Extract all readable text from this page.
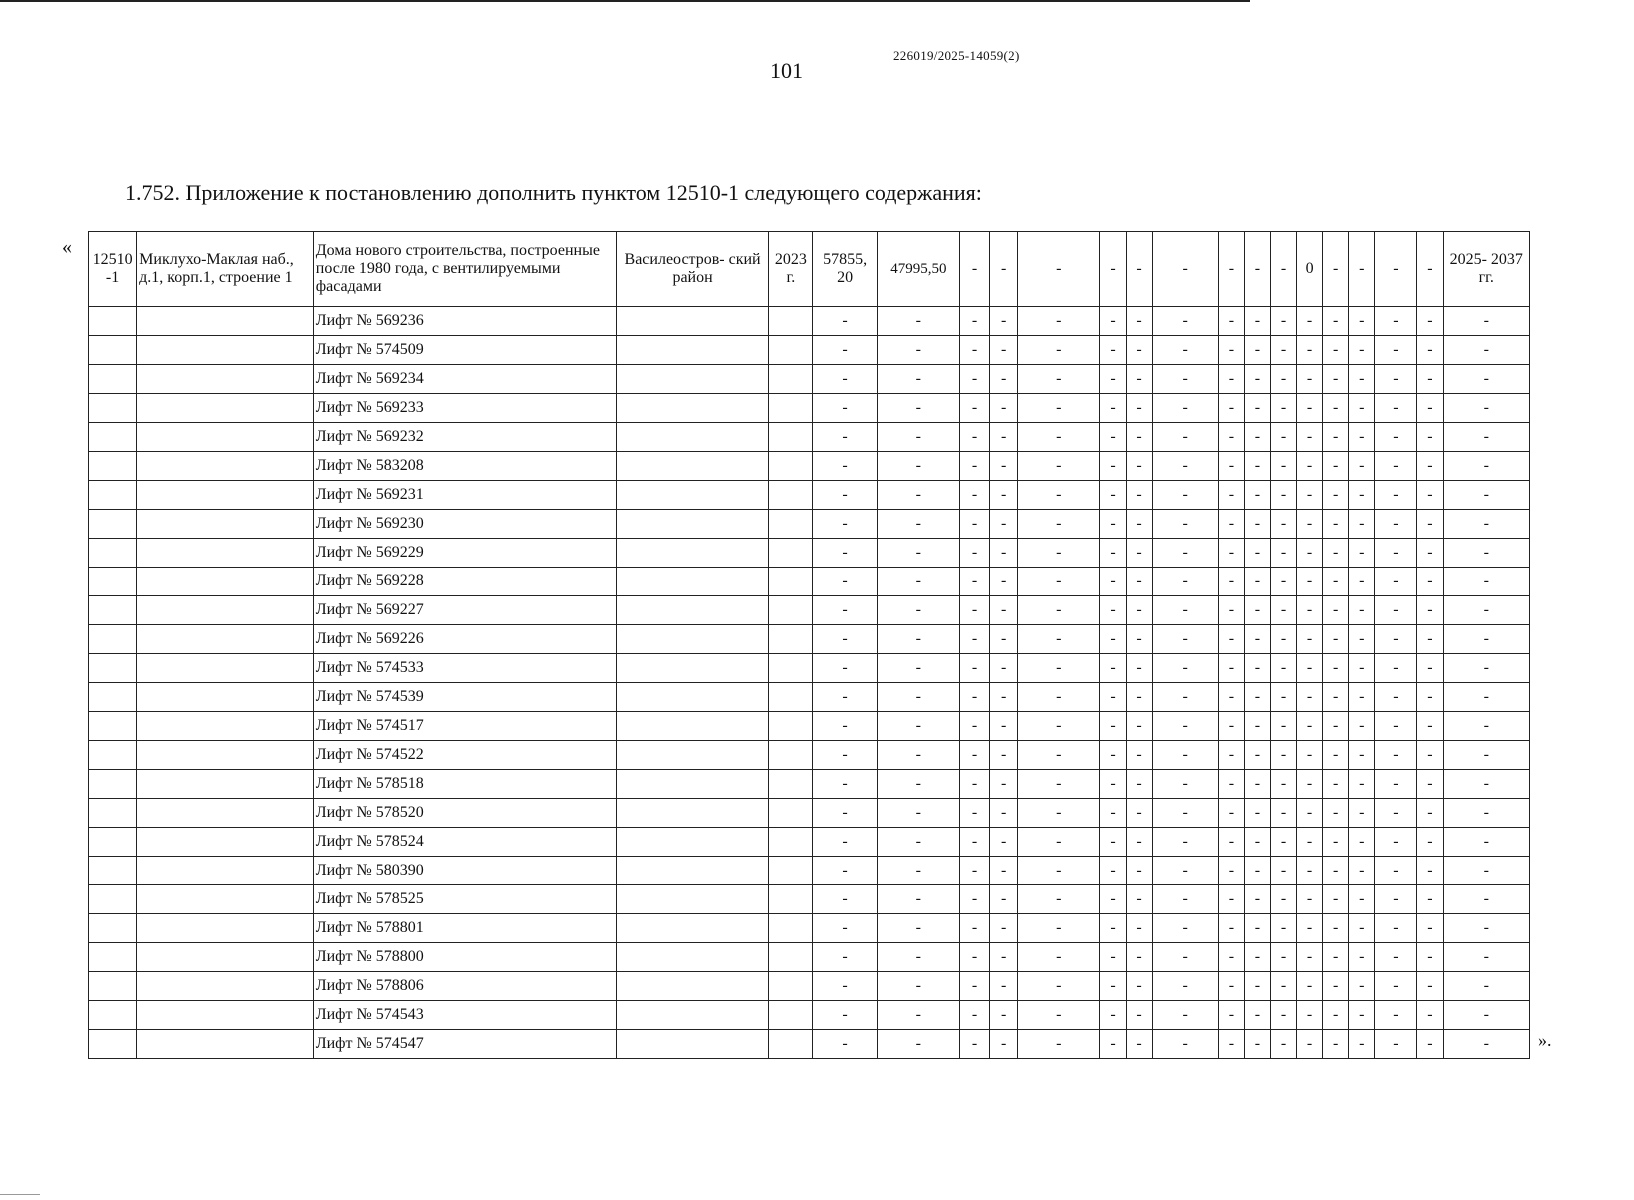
101
226019/2025-14059(2)
1.752. Приложение к постановлению дополнить пунктом 12510-1 следующего содержания:
«
».
12510 -1	Миклухо-Маклая наб., д.1, корп.1, строение 1	Дома нового строительства, построенные после 1980 года, с вентилируемыми фасадами	Василеостров- ский район	2023 г.	57855, 20	47995,50	-	-	-	-	-	-	-	-	-	0	-	-	-	-	2025- 2037 гг.
		Лифт № 569236			-	-	-	-	-	-	-	-	-	-	-	-	-	-	-	-	-
		Лифт № 574509			-	-	-	-	-	-	-	-	-	-	-	-	-	-	-	-	-
		Лифт № 569234			-	-	-	-	-	-	-	-	-	-	-	-	-	-	-	-	-
		Лифт № 569233			-	-	-	-	-	-	-	-	-	-	-	-	-	-	-	-	-
		Лифт № 569232			-	-	-	-	-	-	-	-	-	-	-	-	-	-	-	-	-
		Лифт № 583208			-	-	-	-	-	-	-	-	-	-	-	-	-	-	-	-	-
		Лифт № 569231			-	-	-	-	-	-	-	-	-	-	-	-	-	-	-	-	-
		Лифт № 569230			-	-	-	-	-	-	-	-	-	-	-	-	-	-	-	-	-
		Лифт № 569229			-	-	-	-	-	-	-	-	-	-	-	-	-	-	-	-	-
		Лифт № 569228			-	-	-	-	-	-	-	-	-	-	-	-	-	-	-	-	-
		Лифт № 569227			-	-	-	-	-	-	-	-	-	-	-	-	-	-	-	-	-
		Лифт № 569226			-	-	-	-	-	-	-	-	-	-	-	-	-	-	-	-	-
		Лифт № 574533			-	-	-	-	-	-	-	-	-	-	-	-	-	-	-	-	-
		Лифт № 574539			-	-	-	-	-	-	-	-	-	-	-	-	-	-	-	-	-
		Лифт № 574517			-	-	-	-	-	-	-	-	-	-	-	-	-	-	-	-	-
		Лифт № 574522			-	-	-	-	-	-	-	-	-	-	-	-	-	-	-	-	-
		Лифт № 578518			-	-	-	-	-	-	-	-	-	-	-	-	-	-	-	-	-
		Лифт № 578520			-	-	-	-	-	-	-	-	-	-	-	-	-	-	-	-	-
		Лифт № 578524			-	-	-	-	-	-	-	-	-	-	-	-	-	-	-	-	-
		Лифт № 580390			-	-	-	-	-	-	-	-	-	-	-	-	-	-	-	-	-
		Лифт № 578525			-	-	-	-	-	-	-	-	-	-	-	-	-	-	-	-	-
		Лифт № 578801			-	-	-	-	-	-	-	-	-	-	-	-	-	-	-	-	-
		Лифт № 578800			-	-	-	-	-	-	-	-	-	-	-	-	-	-	-	-	-
		Лифт № 578806			-	-	-	-	-	-	-	-	-	-	-	-	-	-	-	-	-
		Лифт № 574543			-	-	-	-	-	-	-	-	-	-	-	-	-	-	-	-	-
		Лифт № 574547			-	-	-	-	-	-	-	-	-	-	-	-	-	-	-	-	-
